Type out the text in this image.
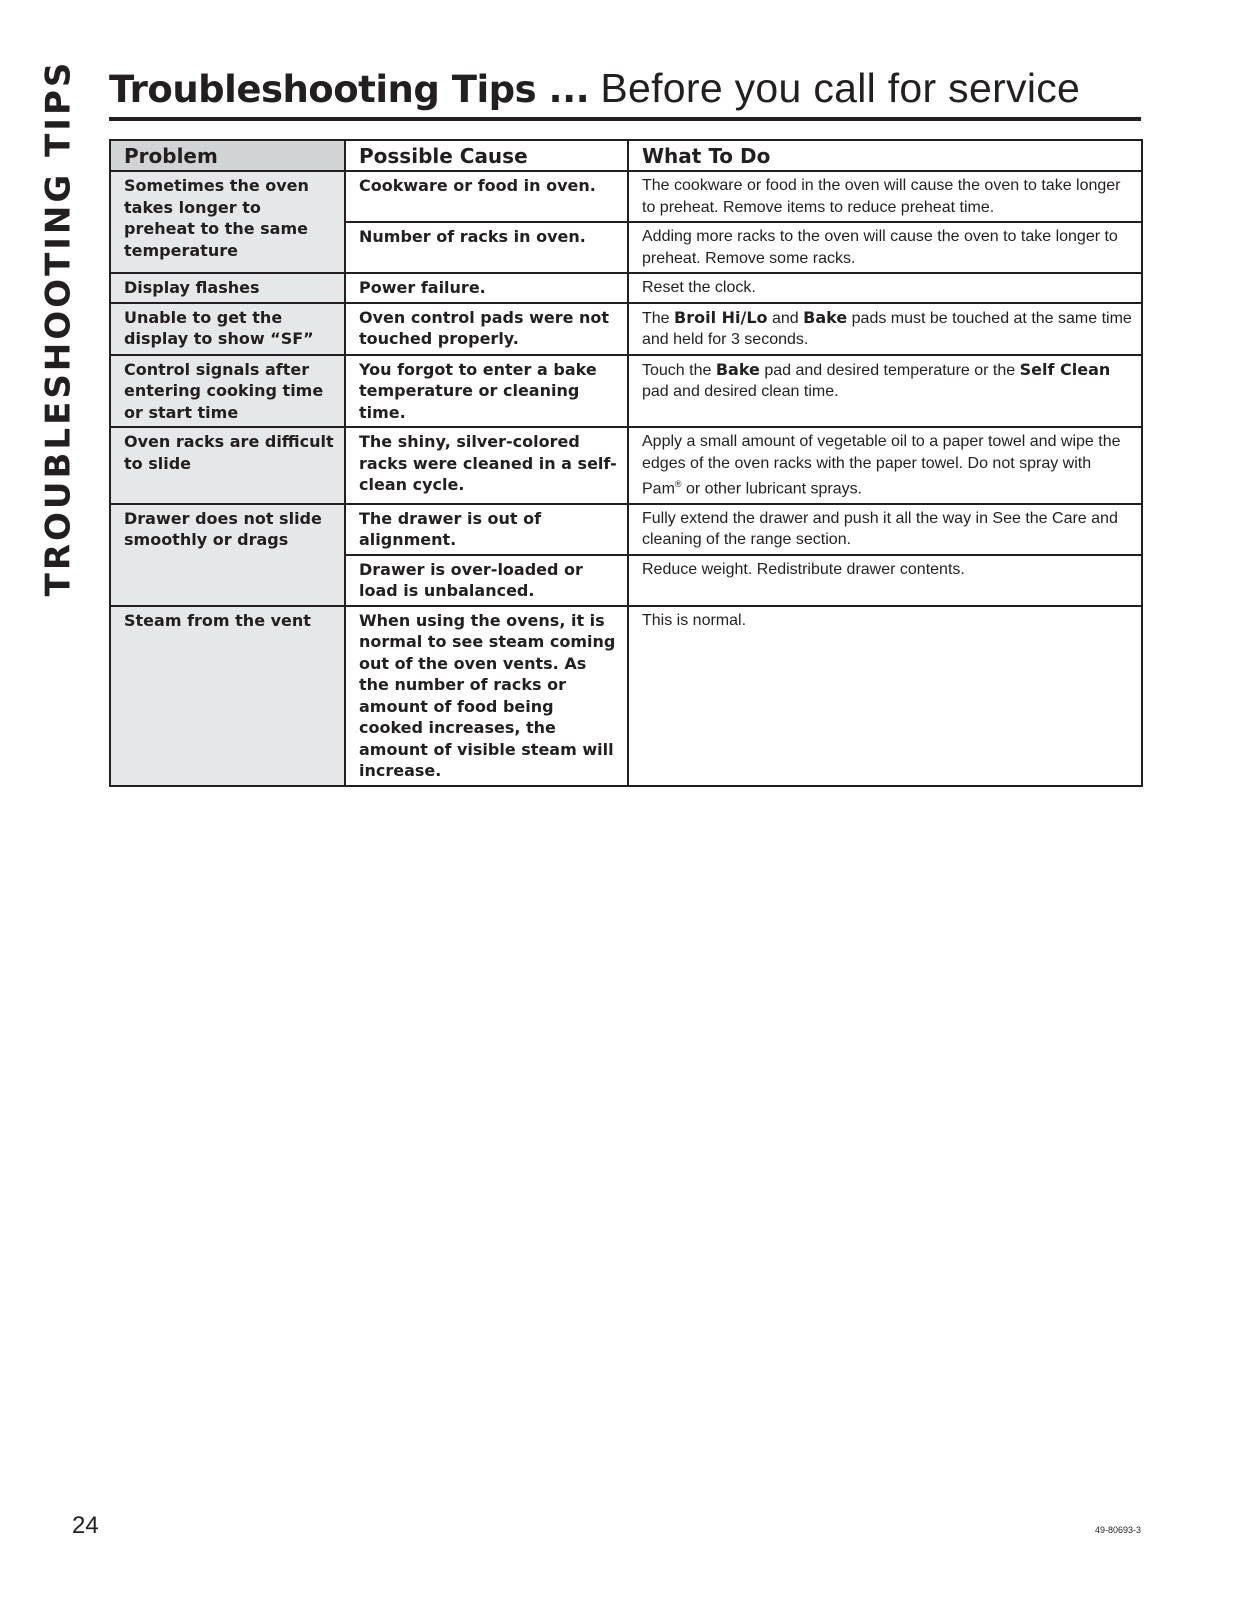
TROUBLESHOOTING TIPS Troubleshooting Tips ... Before you call for service
Problem	Possible Cause	What To Do
Sometimes the oven takes longer to preheat to the same temperature	Cookware or food in oven.	The cookware or food in the oven will cause the oven to take longer to preheat. Remove items to reduce preheat time.
	Number of racks in oven.	Adding more racks to the oven will cause the oven to take longer to preheat. Remove some racks.
Display flashes	Power failure.	Reset the clock.
Unable to get the display to show “SF”	Oven control pads were not touched properly.	The Broil Hi/Lo and Bake pads must be touched at the same time and held for 3 seconds.
Control signals after entering cooking time or start time	You forgot to enter a bake temperature or cleaning time.	Touch the Bake pad and desired temperature or the Self Clean pad and desired clean time.
Oven racks are difficult to slide	The shiny, silver-colored racks were cleaned in a self-clean cycle.	Apply a small amount of vegetable oil to a paper towel and wipe the edges of the oven racks with the paper towel. Do not spray with Pam® or other lubricant sprays.
Drawer does not slide smoothly or drags	The drawer is out of alignment.	Fully extend the drawer and push it all the way in See the Care and cleaning of the range section.
	Drawer is over-loaded or load is unbalanced.	Reduce weight. Redistribute drawer contents.
Steam from the vent	When using the ovens, it is normal to see steam coming out of the oven vents. As the number of racks or amount of food being cooked increases, the amount of visible steam will increase.	This is normal.
24	49-80693-3
